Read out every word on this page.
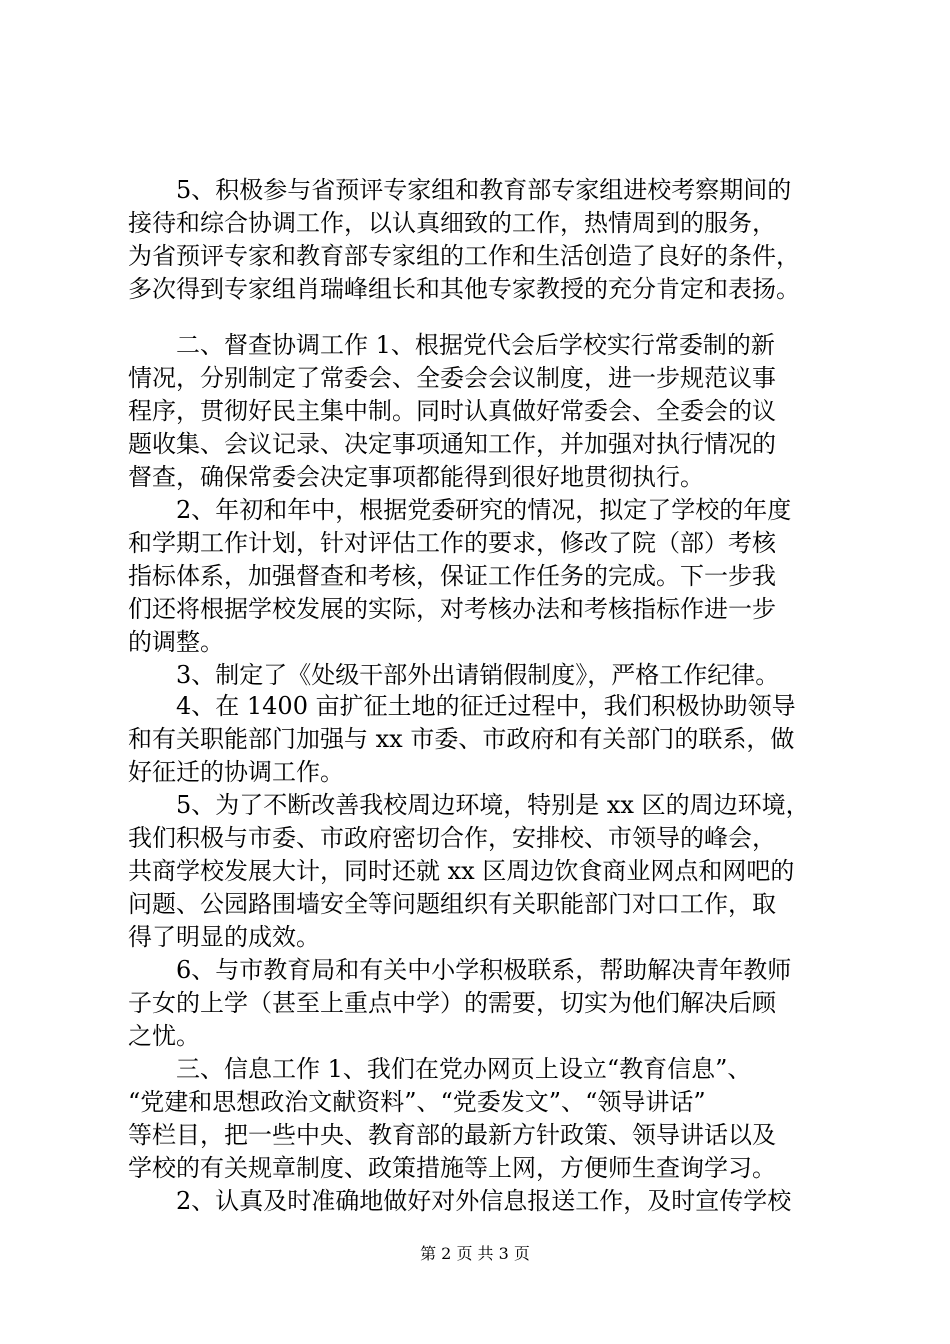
　　5、积极参与省预评专家组和教育部专家组进校考察期间的
接待和综合协调工作，以认真细致的工作，热情周到的服务，
为省预评专家和教育部专家组的工作和生活创造了良好的条件，
多次得到专家组肖瑞峰组长和其他专家教授的充分肯定和表扬。
　　二、督查协调工作 1、根据党代会后学校实行常委制的新
情况，分别制定了常委会、全委会会议制度，进一步规范议事
程序，贯彻好民主集中制。同时认真做好常委会、全委会的议
题收集、会议记录、决定事项通知工作，并加强对执行情况的
督查，确保常委会决定事项都能得到很好地贯彻执行。
　　2、年初和年中，根据党委研究的情况，拟定了学校的年度
和学期工作计划，针对评估工作的要求，修改了院（部）考核
指标体系，加强督查和考核，保证工作任务的完成。下一步我
们还将根据学校发展的实际，对考核办法和考核指标作进一步
的调整。
　　3、制定了《处级干部外出请销假制度》，严格工作纪律。
　　4、在 1400 亩扩征土地的征迁过程中，我们积极协助领导
和有关职能部门加强与 xx 市委、市政府和有关部门的联系，做
好征迁的协调工作。
　　5、为了不断改善我校周边环境，特别是 xx 区的周边环境，
我们积极与市委、市政府密切合作，安排校、市领导的峰会，
共商学校发展大计，同时还就 xx 区周边饮食商业网点和网吧的
问题、公园路围墙安全等问题组织有关职能部门对口工作，取
得了明显的成效。
　　6、与市教育局和有关中小学积极联系，帮助解决青年教师
子女的上学（甚至上重点中学）的需要，切实为他们解决后顾
之忧。
　　三、信息工作 1、我们在党办网页上设立“教育信息”、
“党建和思想政治文献资料”、“党委发文”、“领导讲话”
等栏目，把一些中央、教育部的最新方针政策、领导讲话以及
学校的有关规章制度、政策措施等上网，方便师生查询学习。
　　2、认真及时准确地做好对外信息报送工作，及时宣传学校
第 2 页 共 3 页
